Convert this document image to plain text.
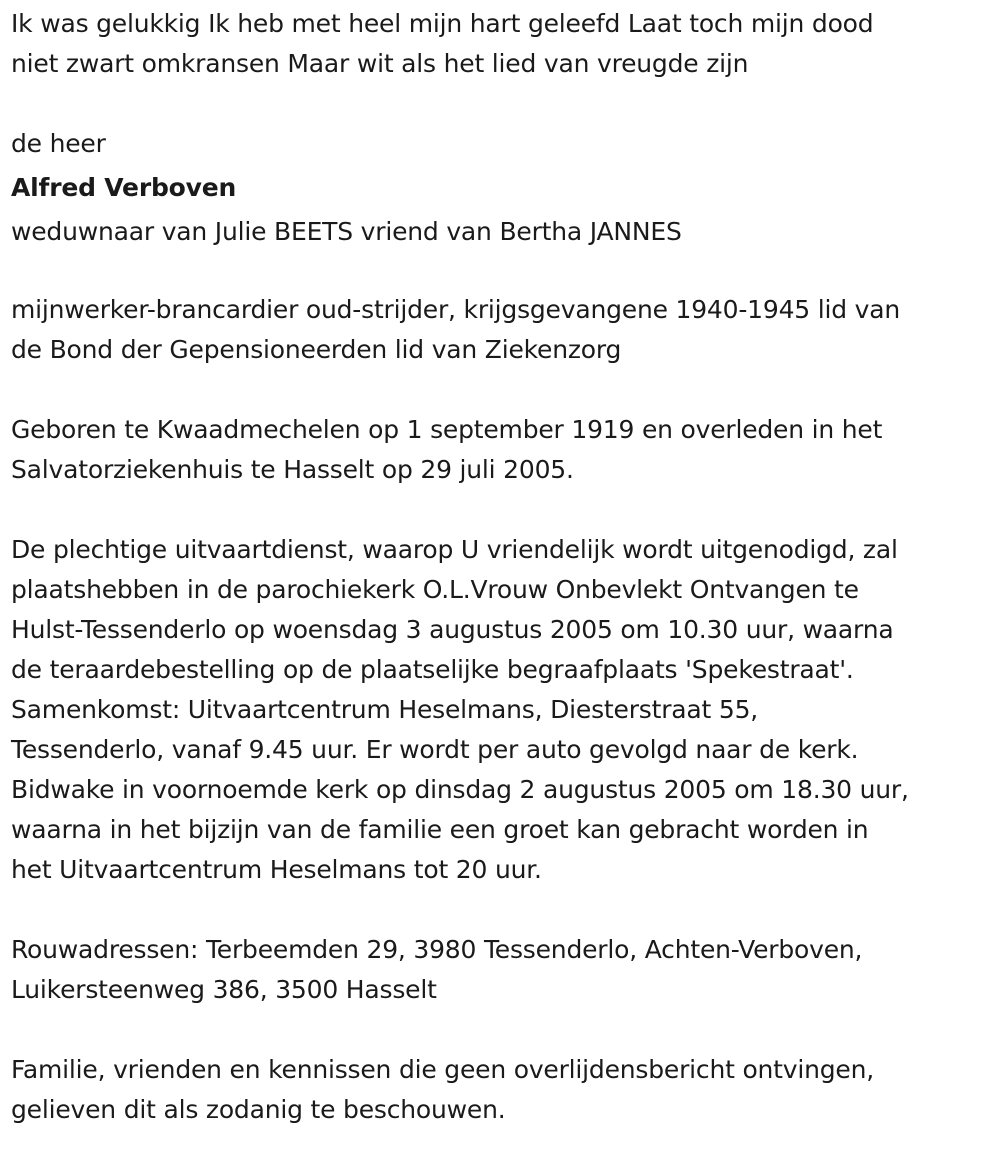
Ik was gelukkig Ik heb met heel mijn hart geleefd Laat toch mijn dood
niet zwart omkransen Maar wit als het lied van vreugde zijn
de heer
Alfred Verboven
weduwnaar van Julie BEETS vriend van Bertha JANNES
mijnwerker-brancardier oud-strijder, krijgsgevangene 1940-1945 lid van
de Bond der Gepensioneerden lid van Ziekenzorg
Geboren te Kwaadmechelen op 1 september 1919 en overleden in het
Salvatorziekenhuis te Hasselt op 29 juli 2005.
De plechtige uitvaartdienst, waarop U vriendelijk wordt uitgenodigd, zal
plaatshebben in de parochiekerk O.L.Vrouw Onbevlekt Ontvangen te
Hulst-Tessenderlo op woensdag 3 augustus 2005 om 10.30 uur, waarna
de teraardebestelling op de plaatselijke begraafplaats 'Spekestraat'.
Samenkomst: Uitvaartcentrum Heselmans, Diesterstraat 55,
Tessenderlo, vanaf 9.45 uur. Er wordt per auto gevolgd naar de kerk.
Bidwake in voornoemde kerk op dinsdag 2 augustus 2005 om 18.30 uur,
waarna in het bijzijn van de familie een groet kan gebracht worden in
het Uitvaartcentrum Heselmans tot 20 uur.
Rouwadressen: Terbeemden 29, 3980 Tessenderlo, Achten-Verboven,
Luikersteenweg 386, 3500 Hasselt
Familie, vrienden en kennissen die geen overlijdensbericht ontvingen,
gelieven dit als zodanig te beschouwen.
